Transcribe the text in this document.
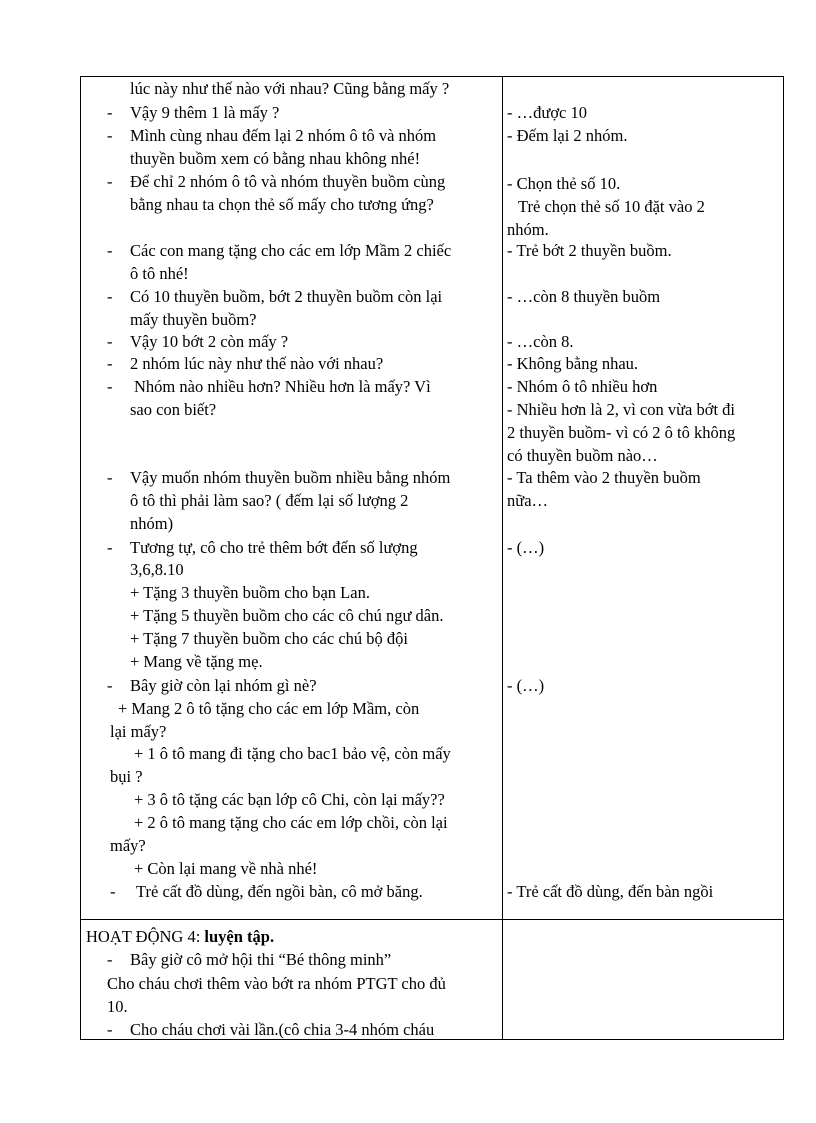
lúc này như thế nào với nhau? Cũng bằng mấy ?
- Vậy 9 thêm 1 là mấy ?
- Mình cùng nhau đếm lại 2 nhóm ô tô và nhóm
thuyền buồm xem có bằng nhau không nhé!
- Để chỉ 2 nhóm ô tô và nhóm thuyền buồm cùng
bằng nhau ta chọn thẻ số mấy cho tương ứng?
- Các con mang tặng cho các em lớp Mầm 2 chiếc
ô tô nhé!
- Có 10 thuyền buồm, bớt 2 thuyền buồm còn lại
mấy thuyền buồm?
- Vậy 10 bớt 2 còn mấy ?
- 2 nhóm lúc này như thế nào với nhau?
- Nhóm nào nhiều hơn? Nhiều hơn là mấy? Vì
sao con biết?
- Vậy muốn nhóm thuyền buồm nhiều bằng nhóm
ô tô thì phải làm sao? ( đếm lại số lượng 2
nhóm)
- Tương tự, cô cho trẻ thêm bớt đến số lượng
3,6,8.10
+ Tặng 3 thuyền buồm cho bạn Lan.
+ Tặng 5 thuyền buồm cho các cô chú ngư dân.
+ Tặng 7 thuyền buồm cho các chú bộ đội
+ Mang về tặng mẹ.
- Bây giờ còn lại nhóm gì nè?
+ Mang 2 ô tô tặng cho các em lớp Mầm, còn
lại mấy?
+ 1 ô tô mang đi tặng cho bac1 bảo vệ, còn mấy
bụi ?
+ 3 ô tô tặng các bạn lớp cô Chi, còn lại mấy??
+ 2 ô tô mang tặng cho các em lớp chồi, còn lại
mấy?
+ Còn lại mang về nhà nhé!
- Trẻ cất đồ dùng, đến ngồi bàn, cô mở băng.
- …được 10
- Đếm lại 2 nhóm.
- Chọn thẻ số 10.
Trẻ chọn thẻ số 10 đặt vào 2
nhóm.
- Trẻ bớt 2 thuyền buồm.
- …còn 8 thuyền buồm
- …còn 8.
- Không bằng nhau.
- Nhóm ô tô nhiều hơn
- Nhiều hơn là 2, vì con vừa bớt đi
2 thuyền buồm- vì có 2 ô tô không
có thuyền buồm nào…
- Ta thêm vào 2 thuyền buồm
nữa…
- (…)
- (…)
- Trẻ cất đồ dùng, đến bàn ngồi
HOẠT ĐỘNG 4: luyện tập.
- Bây giờ cô mở hội thi “Bé thông minh”
Cho cháu chơi thêm vào bớt ra nhóm PTGT cho đủ
10.
- Cho cháu chơi vài lần.(cô chia 3-4 nhóm cháu
